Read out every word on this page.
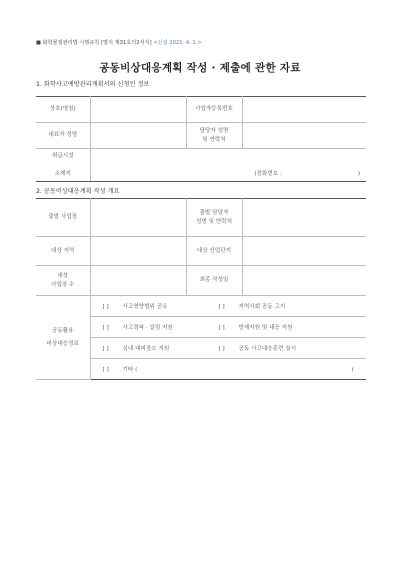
■ 화학물질관리법 시행규칙 [별지 제31호의2서식] <신설 2021. 4. 1.>
공동비상대응계획 작성 · 제출에 관한 자료
1. 화학사고예방관리계획서의 신청인 정보
상호(명칭)		사업자등록번호	
대표자 성명		담당자 성명
및 연락처	

취급시설
소재지	(전화번호 : )		
2. 공동비상대응계획 작성 개요
출발 사업장		출발 담당자
성명 및 연락처	

대상 지역		대상 산업단지	

대상
사업장 수		최종 작성일	

공동활용
비상대응정보	[ ] 사고영향범위 공유 [ ] 지역사회 공동 고지		
	[ ] 사고경파 · 알림 지원 [ ] 방재자원 및 대응 지원		
	[ ] 실내 대피장소 지원 [ ] 공동 사고대응훈련 실시		
	[ ] 기타 ( )		
